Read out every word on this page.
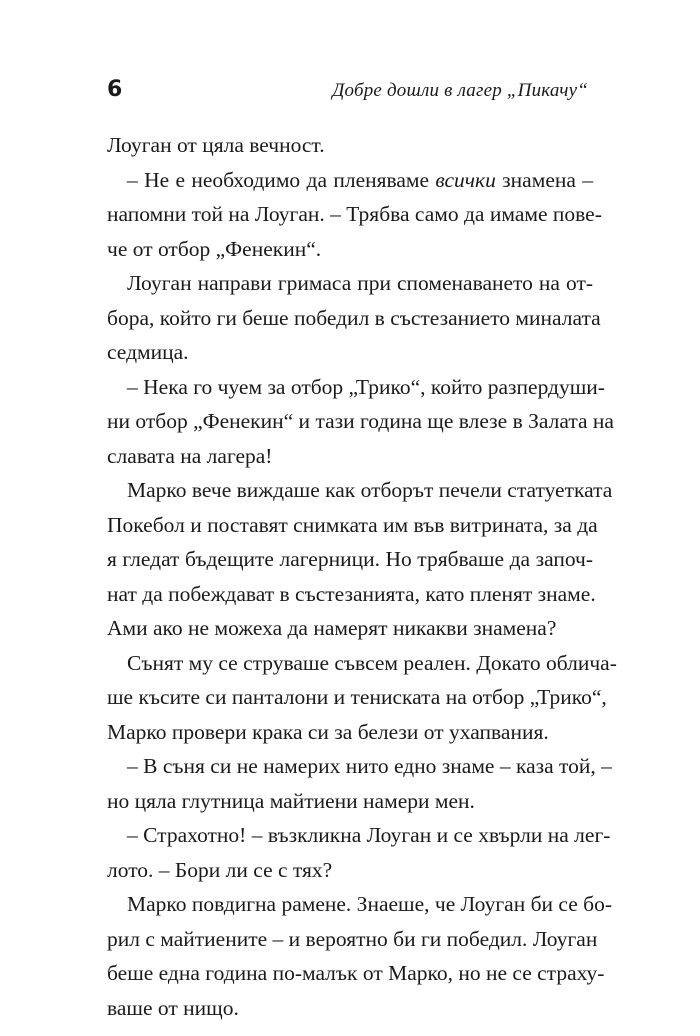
6	Добре дошли в лагер „Пикачу“
Лоуган от цяла вечност.
– Не е необходимо да пленяваме всички знамена –
напомни той на Лоуган. – Трябва само да имаме пове-
че от отбор „Фенекин“.
Лоуган направи гримаса при споменаването на от-
бора, който ги беше победил в състезанието миналата
седмица.
– Нека го чуем за отбор „Трико“, който разпердуши-
ни отбор „Фенекин“ и тази година ще влезе в Залата на
славата на лагера!
Марко вече виждаше как отборът печели статуетката
Покебол и поставят снимката им във витрината, за да
я гледат бъдещите лагерници. Но трябваше да започ-
нат да побеждават в състезанията, като пленят знаме.
Ами ако не можеха да намерят никакви знамена?
Сънят му се струваше съвсем реален. Докато облича-
ше късите си панталони и тениската на отбор „Трико“,
Марко провери крака си за белези от ухапвания.
– В съня си не намерих нито едно знаме – каза той, –
но цяла глутница майтиени намери мен.
– Страхотно! – възкликна Лоуган и се хвърли на лег-
лото. – Бори ли се с тях?
Марко повдигна рамене. Знаеше, че Лоуган би се бо-
рил с майтиените – и вероятно би ги победил. Лоуган
беше една година по-малък от Марко, но не се страху-
ваше от нищо.
